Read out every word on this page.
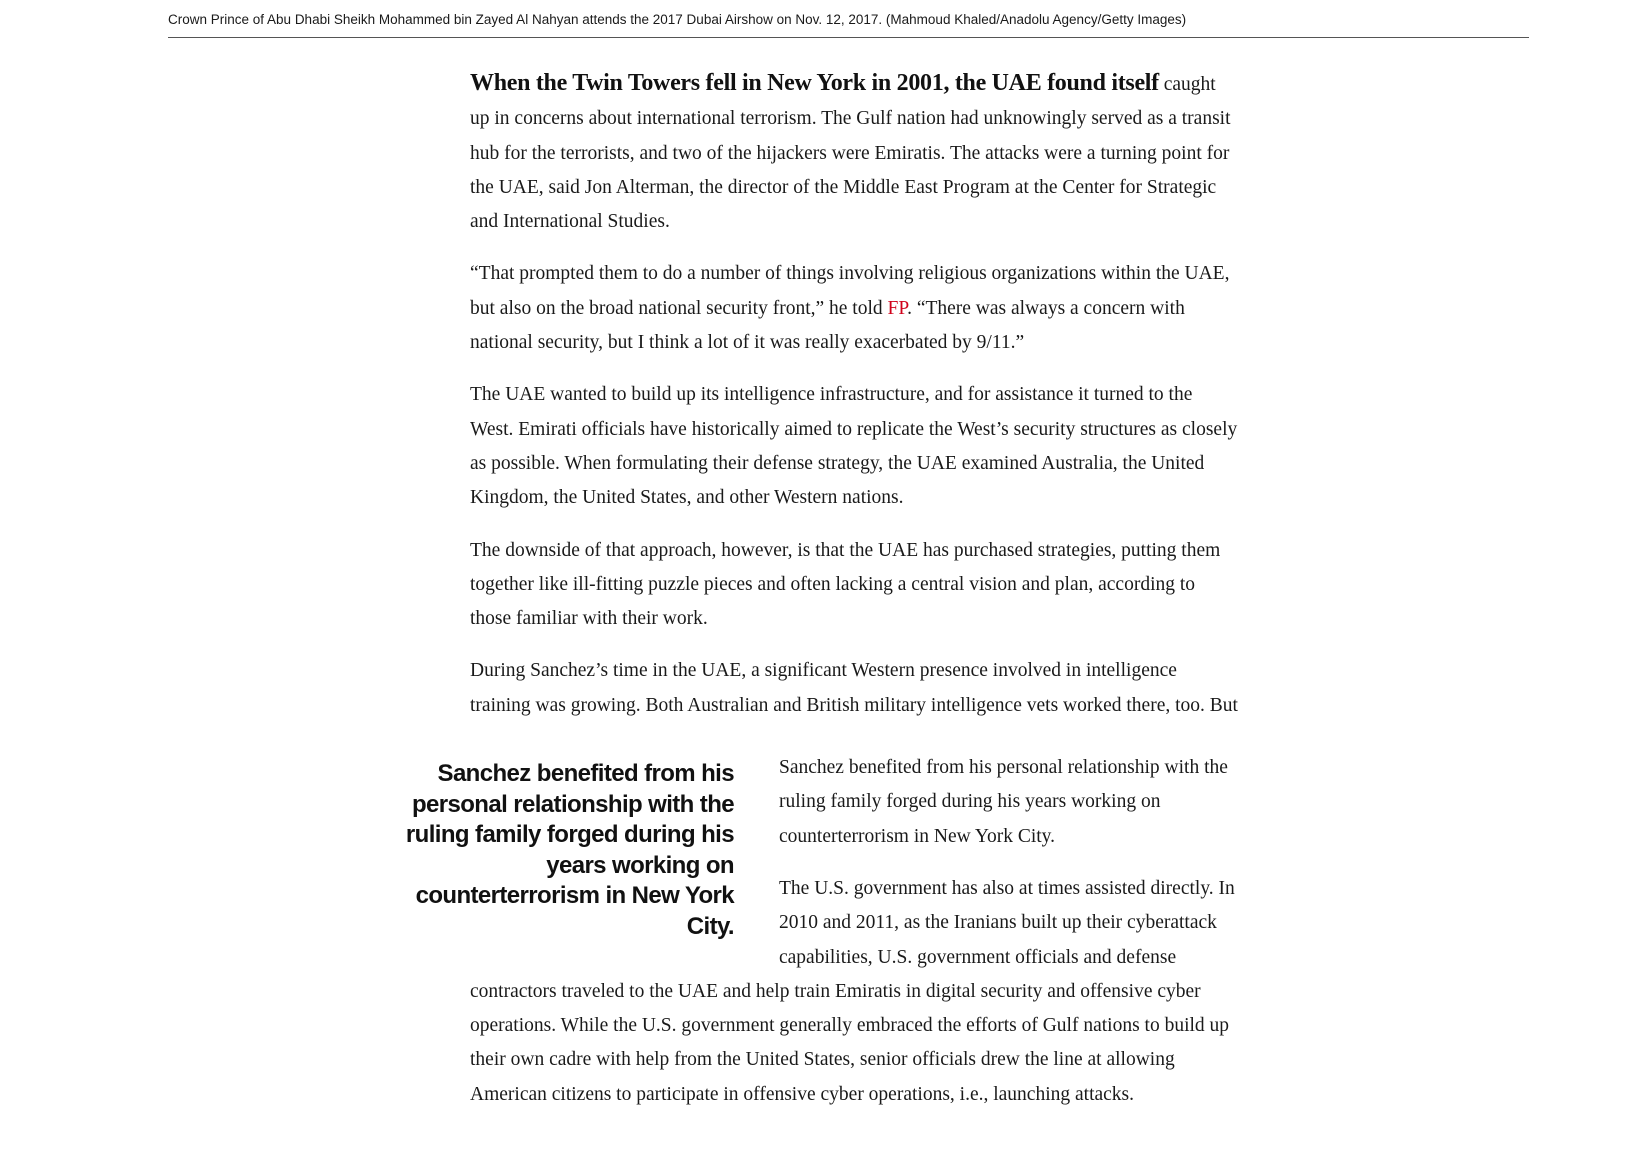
Crown Prince of Abu Dhabi Sheikh Mohammed bin Zayed Al Nahyan attends the 2017 Dubai Airshow on Nov. 12, 2017. (Mahmoud Khaled/Anadolu Agency/Getty Images)

When the Twin Towers fell in New York in 2001, the UAE found itself caught up in concerns about international terrorism. The Gulf nation had unknowingly served as a transit hub for the terrorists, and two of the hijackers were Emiratis. The attacks were a turning point for the UAE, said Jon Alterman, the director of the Middle East Program at the Center for Strategic and International Studies.

“That prompted them to do a number of things involving religious organizations within the UAE, but also on the broad national security front,” he told FP. “There was always a concern with national security, but I think a lot of it was really exacerbated by 9/11.”

The UAE wanted to build up its intelligence infrastructure, and for assistance it turned to the West. Emirati officials have historically aimed to replicate the West’s security structures as closely as possible. When formulating their defense strategy, the UAE examined Australia, the United Kingdom, the United States, and other Western nations.

The downside of that approach, however, is that the UAE has purchased strategies, putting them together like ill-fitting puzzle pieces and often lacking a central vision and plan, according to those familiar with their work.

During Sanchez’s time in the UAE, a significant Western presence involved in intelligence training was growing. Both Australian and British military intelligence vets worked there, too. But

Sanchez benefited from his personal relationship with the ruling family forged during his years working on counterterrorism in New York City.

Sanchez benefited from his personal relationship with the ruling family forged during his years working on counterterrorism in New York City.

The U.S. government has also at times assisted directly. In 2010 and 2011, as the Iranians built up their cyberattack capabilities, U.S. government officials and defense contractors traveled to the UAE and help train Emiratis in digital security and offensive cyber operations. While the U.S. government generally embraced the efforts of Gulf nations to build up their own cadre with help from the United States, senior officials drew the line at allowing American citizens to participate in offensive cyber operations, i.e., launching attacks.
